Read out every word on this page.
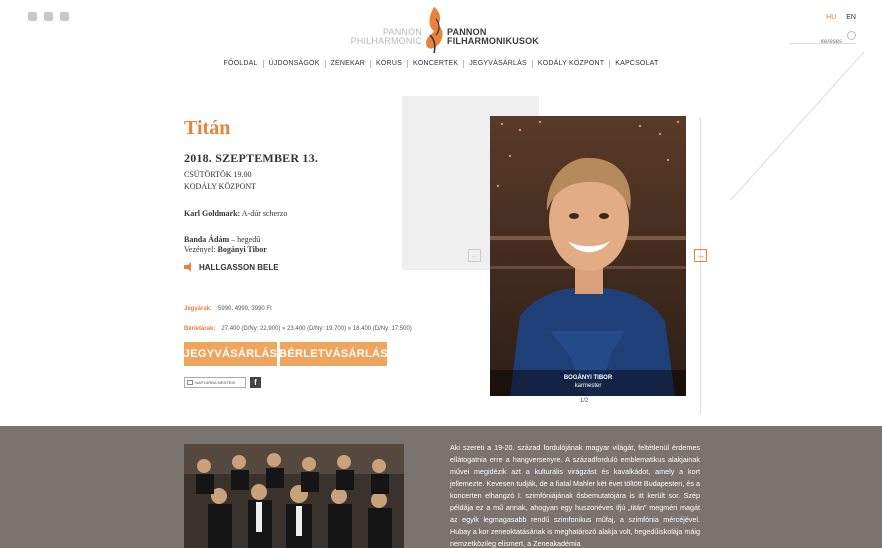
PANNON
PHILHARMONIC
PANNON
FILHARMONIKUSOK
HU EN
keresés
FŐOLDAL	ÚJDONSÁGOK	ZENEKAR	KÓRUS	KONCERTEK	JEGYVÁSÁRLÁS	KODÁLY KÖZPONT	KAPCSOLAT
Titán
2018. SZEPTEMBER 13.
CSÜTÖRTÖK 19.00
KODÁLY KÖZPONT
Karl Goldmark: A-dúr scherzo
Banda Ádám – hegedű
Vezényel: Bogányi Tibor
HALLGASSON BELE
Jegyárak: 5990, 4990, 3990 Ft
Bérletárak: 27.400 (D/Ny: 22.900) » 23.400 (D/Ny: 19.700) » 18.400 (D/Ny: 17.500)
JEGYVÁSÁRLÁS BÉRLETVÁSÁRLÁS
NAPTÁRBA MENTEM	f
←
BOGÁNYI TIBOR
karmester
→
1/2
Aki szereti a 19-20. század fordulójának magyar világát, feltétlenül érdemes ellátogatnia erre a hangversenyre. A századforduló emblematikus alakjainak művei megidézik azt a kulturális virágzást és kavalkádot, amely a kort jellemezte. Kevesen tudják, de a fiatal Mahler két évet töltött Budapesten, és a koncerten elhangzó I. szimfóniájának ősbemutatójára is itt került sor. Szép példája ez a mű annak, ahogyan egy huszonéves ifjú „titán” megméri magát az egyik legmagasabb rendű szimfonikus műfaj, a szimfónia mércéjével. Hubay a kor zeneoktatásának is meghatározó alakja volt, hegedűiskolája máig nemzetközileg elismert, a Zeneakadémia
